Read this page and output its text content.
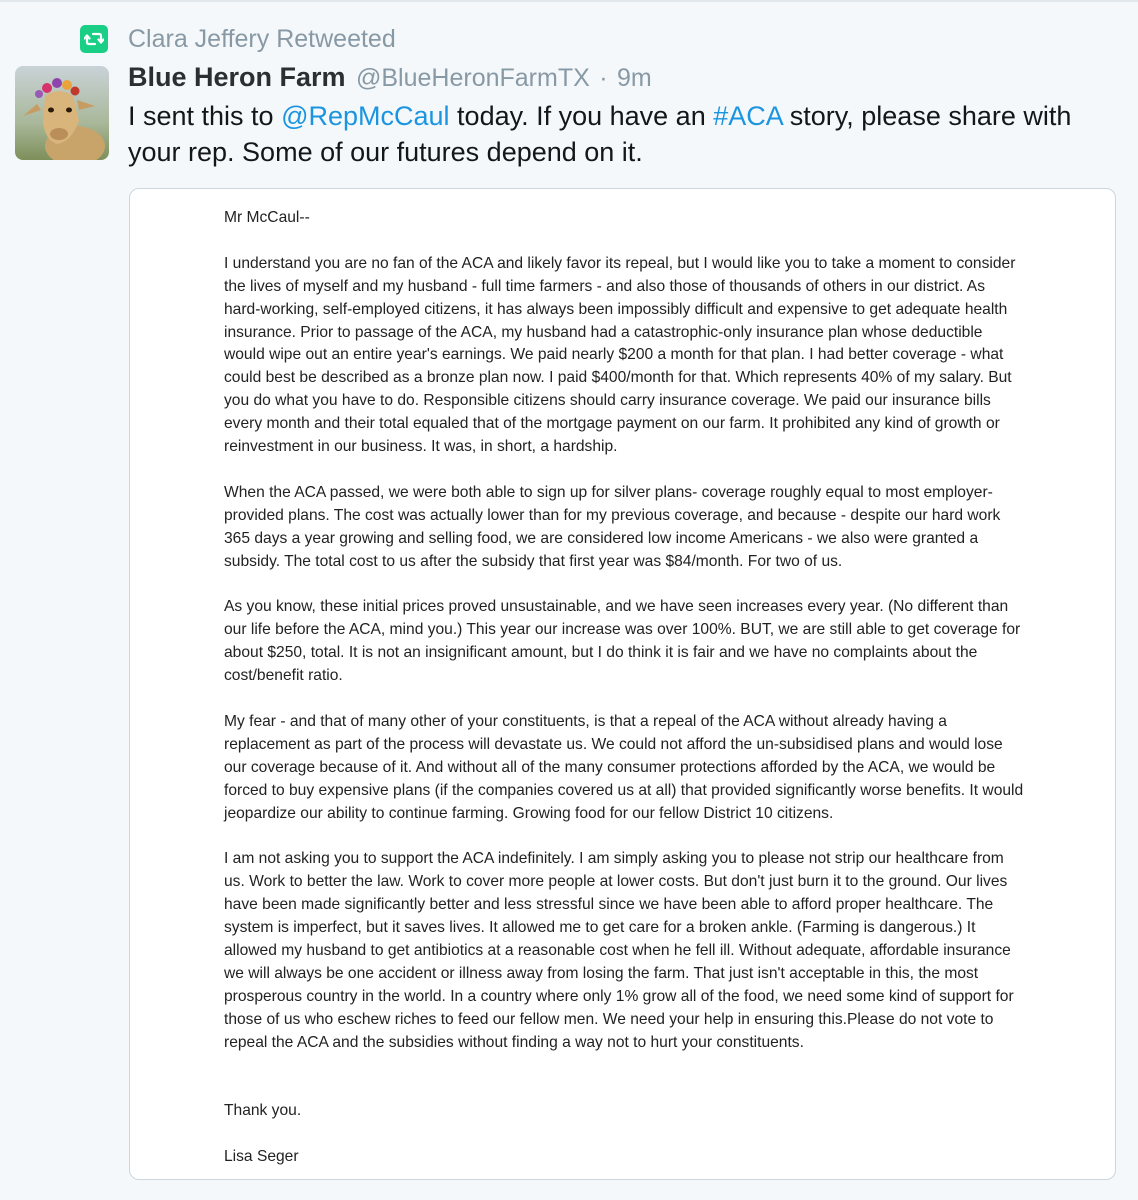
Clara Jeffery Retweeted
Blue Heron Farm @BlueHeronFarmTX · 9m

I sent this to @RepMcCaul today. If you have an #ACA story, please share with your rep. Some of our futures depend on it.

Mr McCaul--

I understand you are no fan of the ACA and likely favor its repeal, but I would like you to take a moment to consider the lives of myself and my husband - full time farmers - and also those of thousands of others in our district. As hard-working, self-employed citizens, it has always been impossibly difficult and expensive to get adequate health insurance. Prior to passage of the ACA, my husband had a catastrophic-only insurance plan whose deductible would wipe out an entire year's earnings. We paid nearly $200 a month for that plan. I had better coverage - what could best be described as a bronze plan now. I paid $400/month for that. Which represents 40% of my salary. But you do what you have to do. Responsible citizens should carry insurance coverage. We paid our insurance bills every month and their total equaled that of the mortgage payment on our farm. It prohibited any kind of growth or reinvestment in our business. It was, in short, a hardship.

When the ACA passed, we were both able to sign up for silver plans- coverage roughly equal to most employer-provided plans. The cost was actually lower than for my previous coverage, and because - despite our hard work 365 days a year growing and selling food, we are considered low income Americans - we also were granted a subsidy. The total cost to us after the subsidy that first year was $84/month. For two of us.

As you know, these initial prices proved unsustainable, and we have seen increases every year. (No different than our life before the ACA, mind you.) This year our increase was over 100%. BUT, we are still able to get coverage for about $250, total. It is not an insignificant amount, but I do think it is fair and we have no complaints about the cost/benefit ratio.

My fear - and that of many other of your constituents, is that a repeal of the ACA without already having a replacement as part of the process will devastate us. We could not afford the un-subsidised plans and would lose our coverage because of it. And without all of the many consumer protections afforded by the ACA, we would be forced to buy expensive plans (if the companies covered us at all) that provided significantly worse benefits. It would jeopardize our ability to continue farming. Growing food for our fellow District 10 citizens.

I am not asking you to support the ACA indefinitely. I am simply asking you to please not strip our healthcare from us. Work to better the law. Work to cover more people at lower costs. But don't just burn it to the ground. Our lives have been made significantly better and less stressful since we have been able to afford proper healthcare. The system is imperfect, but it saves lives. It allowed me to get care for a broken ankle. (Farming is dangerous.) It allowed my husband to get antibiotics at a reasonable cost when he fell ill. Without adequate, affordable insurance we will always be one accident or illness away from losing the farm. That just isn't acceptable in this, the most prosperous country in the world. In a country where only 1% grow all of the food, we need some kind of support for those of us who eschew riches to feed our fellow men. We need your help in ensuring this.Please do not vote to repeal the ACA and the subsidies without finding a way not to hurt your constituents.

Thank you.

Lisa Seger
